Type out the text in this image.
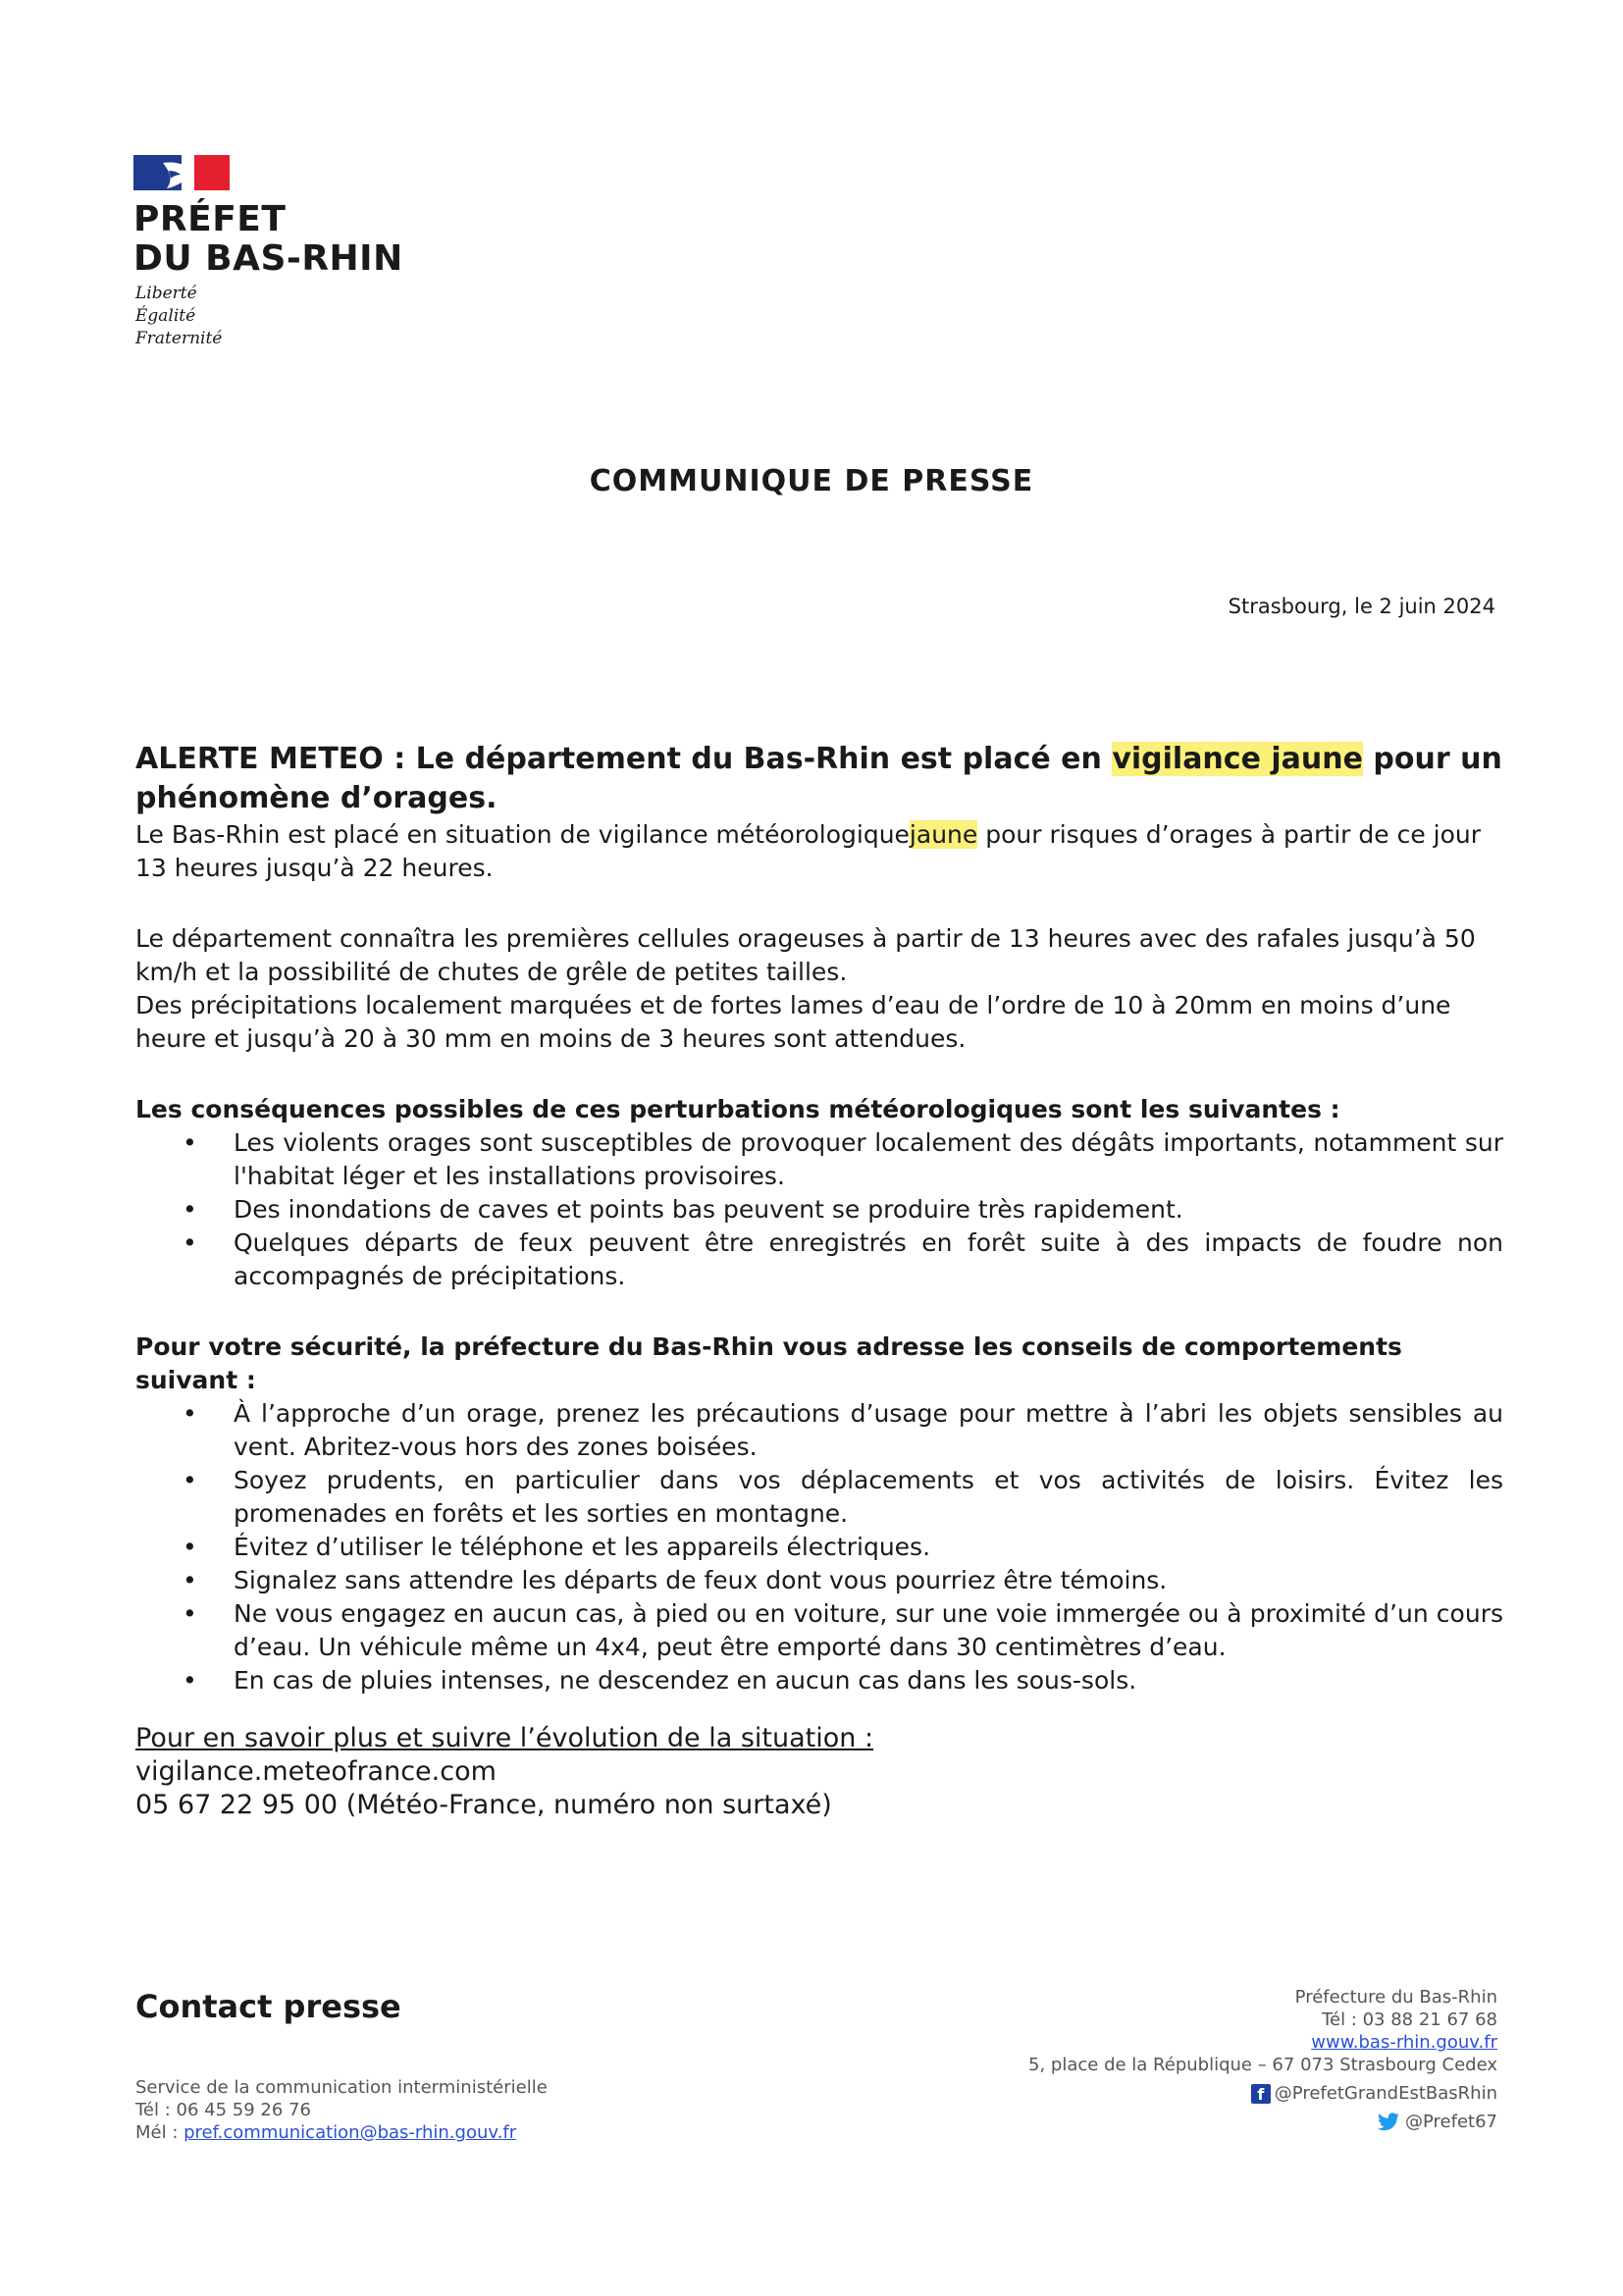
PRÉFET
DU BAS-RHIN
Liberté
Égalité
Fraternité
COMMUNIQUE DE PRESSE
Strasbourg, le 2 juin 2024

ALERTE METEO : Le département du Bas-Rhin est placé en vigilance jaune pour un phénomène d’orages.

Le Bas-Rhin est placé en situation de vigilance météorologiquejaune pour risques d’orages à partir de ce jour 13 heures jusqu’à 22 heures.

Le département connaîtra les premières cellules orageuses à partir de 13 heures avec des rafales jusqu’à 50 km/h et la possibilité de chutes de grêle de petites tailles.

Des précipitations localement marquées et de fortes lames d’eau de l’ordre de 10 à 20mm en moins d’une heure et jusqu’à 20 à 30 mm en moins de 3 heures sont attendues.

Les conséquences possibles de ces perturbations météorologiques sont les suivantes :

• Les violents orages sont susceptibles de provoquer localement des dégâts importants, notamment sur l'habitat léger et les installations provisoires.
• Des inondations de caves et points bas peuvent se produire très rapidement.
• Quelques départs de feux peuvent être enregistrés en forêt suite à des impacts de foudre non accompagnés de précipitations.

Pour votre sécurité, la préfecture du Bas-Rhin vous adresse les conseils de comportements suivant :

• À l’approche d’un orage, prenez les précautions d’usage pour mettre à l’abri les objets sensibles au vent. Abritez-vous hors des zones boisées.
• Soyez prudents, en particulier dans vos déplacements et vos activités de loisirs. Évitez les promenades en forêts et les sorties en montagne.
• Évitez d’utiliser le téléphone et les appareils électriques.
• Signalez sans attendre les départs de feux dont vous pourriez être témoins.
• Ne vous engagez en aucun cas, à pied ou en voiture, sur une voie immergée ou à proximité d’un cours d’eau. Un véhicule même un 4x4, peut être emporté dans 30 centimètres d’eau.
• En cas de pluies intenses, ne descendez en aucun cas dans les sous-sols.
Pour en savoir plus et suivre l’évolution de la situation :
vigilance.meteofrance.com
05 67 22 95 00 (Météo-France, numéro non surtaxé)
Contact presse
Service de la communication interministérielle
Tél : 06 45 59 26 76
Mél : pref.communication@bas-rhin.gouv.fr
Préfecture du Bas-Rhin
Tél : 03 88 21 67 68
www.bas-rhin.gouv.fr
5, place de la République – 67 073 Strasbourg Cedex
f @PrefetGrandEstBasRhin
@Prefet67
